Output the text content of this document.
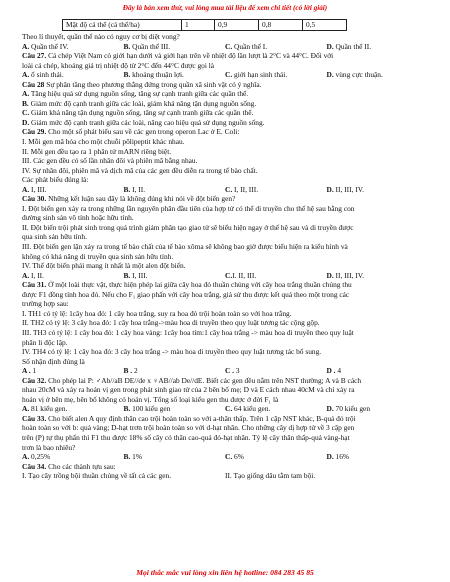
Đây là bản xem thử, vui lòng mua tài liệu để xem chi tiết (có lời giải)
Mật độ cá thể (cá thể/ha)	1	0,9	0,8	0,5

Theo lí thuyết, quần thể nào có nguy cơ bị diệt vong?

A. Quần thể IV.	B. Quần thể III.	C. Quần thể I.	D. Quần thể II.

Câu 27. Cá chép Việt Nam có giới hạn dưới và giới hạn trên về nhiệt độ lần lượt là 2°C và 44°C. Đối với

loài cá chép, khoảng giá trị nhiệt độ từ 2°C đến 44°C được gọi là

A. ổ sinh thái.	B. khoảng thuận lợi.	C. giới hạn sinh thái.	D. vùng cực thuận.

Câu 28 Sự phân tầng theo phương thẳng đứng trong quần xã sinh vật có ý nghĩa.

A. Tăng hiệu quả sử dụng nguồn sống, tăng sự cạnh tranh giữa các quần thể.

B. Giảm mức độ cạnh tranh giữa các loài, giảm khả năng tận dụng nguồn sống.

C. Giảm khả năng tận dụng nguồn sống, tăng sự cạnh tranh giữa các quần thể.

D. Giảm mức độ cạnh tranh giữa các loài, nâng cao hiệu quả sử dụng nguồn sống.

Câu 29. Cho một số phát biểu sau về các gen trong operon Lac ở E. Coli:

I. Mỗi gen mã hóa cho một chuỗi pôlipeptit khác nhau.

II. Mỗi gen đều tạo ra 1 phân tử mARN riêng biệt.

III. Các gen đều có số lần nhân đôi và phiên mã bằng nhau.

IV. Sự nhân đôi, phiên mã và dịch mã của các gen đều diễn ra trong tế bào chất.

Các phát biểu đúng là:

A. I, III.	B. I, II.	C. I, II, III.	D. II, III, IV.

Câu 30. Những kết luận sau đây là không đúng khi nói về đột biến gen?

I. Đột biến gen xảy ra trong những lần nguyên phân đầu tiên của hợp tử có thể di truyền cho thế hệ sau bằng con

đường sinh sản vô tính hoặc hữu tính.

II. Đột biến trội phát sinh trong quá trình giảm phân tạo giao tử sẽ biểu hiện ngay ở thế hệ sau và di truyền được

qua sinh sản hữu tính.

III. Đột biến gen lặn xảy ra trong tế bào chất của tế bào xôma sẽ không bao giờ được biểu hiện ra kiểu hình và

không có khả năng di truyền qua sinh sản hữu tính.

IV. Thể đột biến phải mang ít nhất là một alen đột biến.

A. I, II.	B. I, III.	C.I. II, III.	D. II, III, IV.

Câu 31. Ở một loài thực vật, thực hiện phép lai giữa cây hoa đỏ thuần chủng với cây hoa trắng thuần chủng thu

được F1 đồng tính hoa đỏ. Nếu cho F₁ giao phấn với cây hoa trắng, giả sử thu được kết quả theo một trong các

trường hợp sau:

I. TH1 có tỷ lệ: 1cây hoa đỏ: 1 cây hoa trắng, suy ra hoa đỏ trội hoàn toàn so với hoa trắng.

II. TH2 có tỷ lệ: 3 cây hoa đỏ: 1 cây hoa trắng->màu hoa di truyền theo quy luật tương tác cộng gộp.

III. TH3 có tỷ lệ: 1 cây hoa đỏ: 1 cây hoa vàng: 1cây hoa tím:1 cây hoa trắng -> màu hoa di truyền theo quy luật

phân li độc lập.

IV. TH4 có tỷ lệ: 1 cây hoa đỏ: 3 cây hoa trắng -> màu hoa di truyền theo quy luật tương tác bổ sung.

Số nhận định đúng là

A . 1	B . 2	C . 3	D . 4

Câu 32. Cho phép lai P: ♂Ab//aB DE//de x ♀AB//ab De//dE. Biết các gen đều nằm trên NST thường; A và B cách

nhau 20cM và xảy ra hoán vị gen trong phát sinh giao tử của 2 bên bố mẹ; D và E cách nhau 40cM và chỉ xảy ra

hoán vị ở bên mẹ, bên bố không có hoán vị. Tổng số loại kiểu gen thu được ở đời F₁ là

A. 81 kiểu gen.	B. 100 kiểu gen	C. 64 kiểu gen.	D. 70 kiểu gen

Câu 33. Cho biết alen A quy định thân cao trội hoàn toàn so với a-thân thấp. Trên 1 cặp NST khác, B-quả đỏ trội

hoàn toàn so với b: quả vàng; D-hạt trơn trội hoàn toàn so với d-hạt nhăn. Cho những cây dị hợp tử về 3 cặp gen

trên (P) tự thụ phấn thì F1 thu được 18% số cây có thân cao-quả đỏ-hạt nhăn. Tỷ lệ cây thân thấp-quả vàng-hạt

trơn là bao nhiêu?

A. 0,25%	B. 1%	C. 6%	D. 16%

Câu 34. Cho các thành tựu sau:

I. Tạo cây trồng bội thuần chủng về tất cả các gen.	II. Tạo giống dâu tằm tam bội.
Mọi thắc mắc vui lòng xin liên hệ hotline: 084 283 45 85
